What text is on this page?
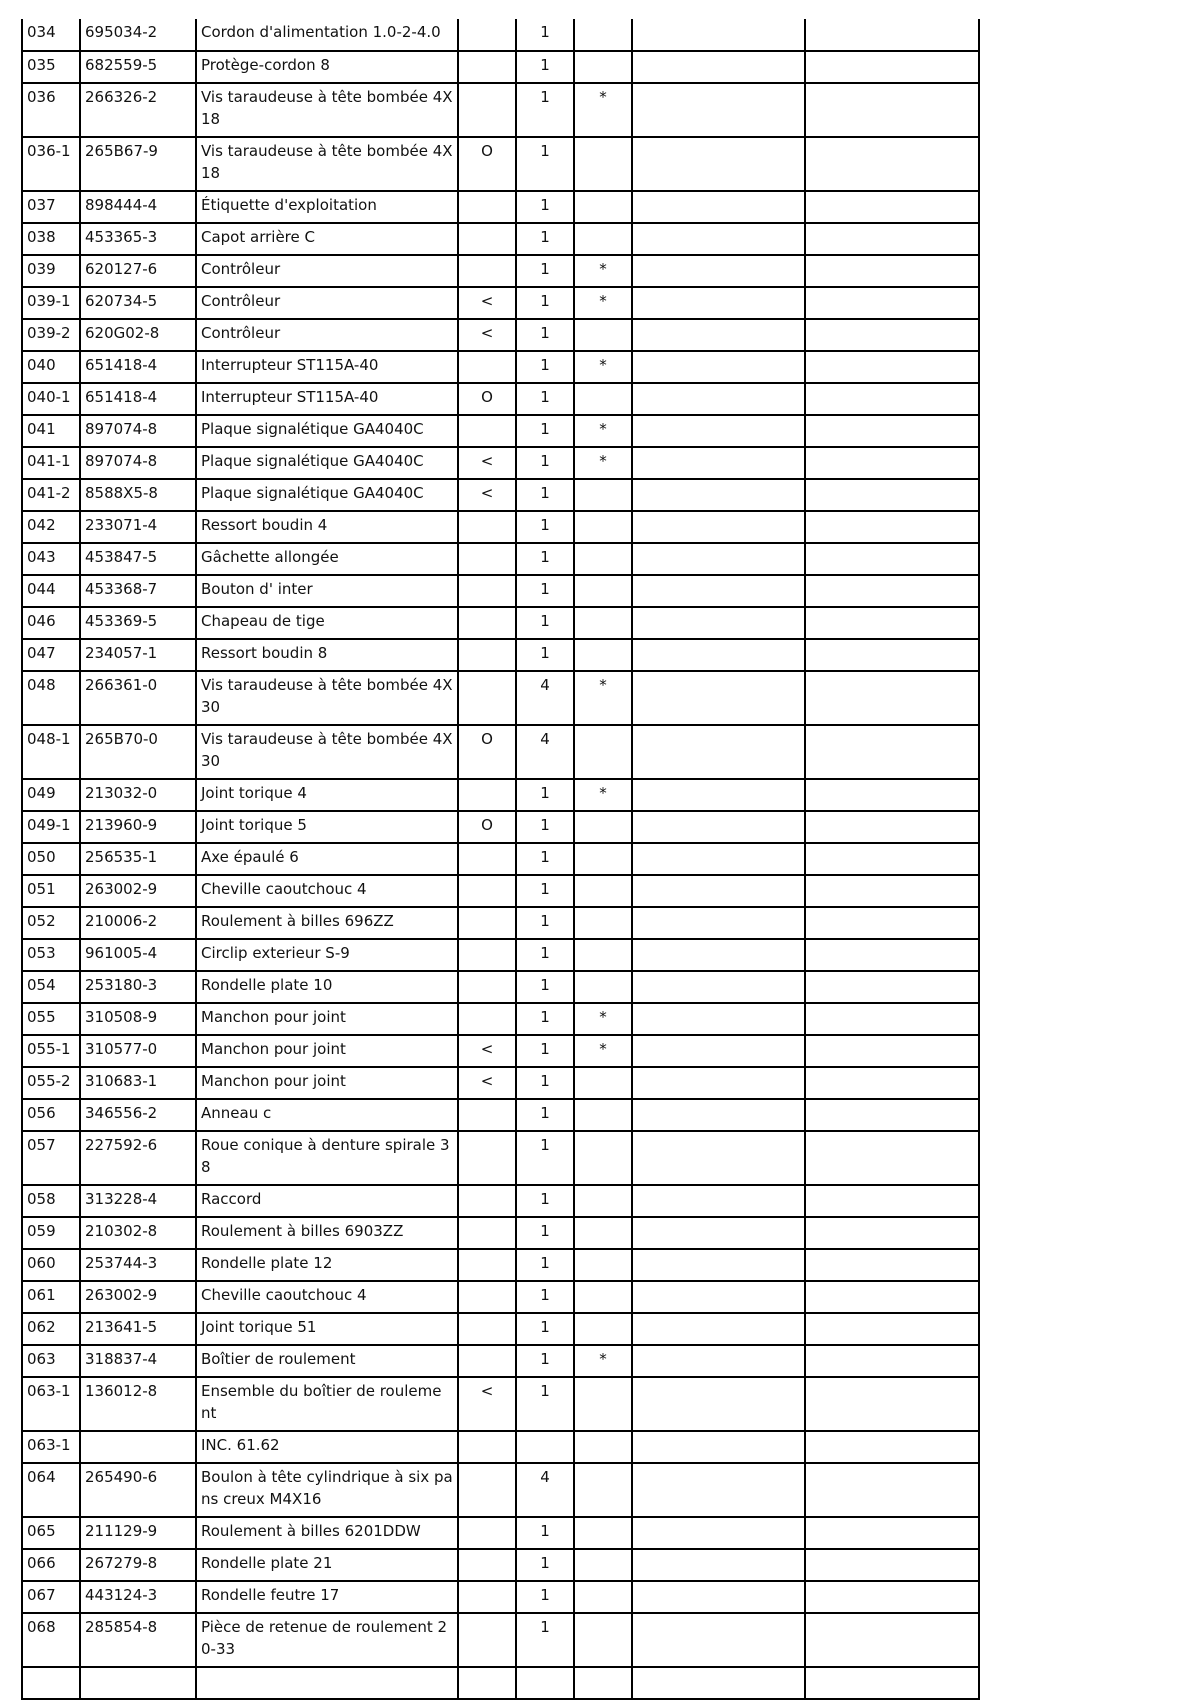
034	695034-2	Cordon d'alimentation 1.0-2-4.0		1			
035	682559-5	Protège-cordon 8		1			
036	266326-2	Vis taraudeuse à tête bombée 4X 18		1	*		
036-1	265B67-9	Vis taraudeuse à tête bombée 4X 18	O	1			
037	898444-4	Étiquette d'exploitation		1			
038	453365-3	Capot arrière C		1			
039	620127-6	Contrôleur		1	*		
039-1	620734-5	Contrôleur	<	1	*		
039-2	620G02-8	Contrôleur	<	1			
040	651418-4	Interrupteur ST115A-40		1	*		
040-1	651418-4	Interrupteur ST115A-40	O	1			
041	897074-8	Plaque signalétique GA4040C		1	*		
041-1	897074-8	Plaque signalétique GA4040C	<	1	*		
041-2	8588X5-8	Plaque signalétique GA4040C	<	1			
042	233071-4	Ressort boudin 4		1			
043	453847-5	Gâchette allongée		1			
044	453368-7	Bouton d' inter		1			
046	453369-5	Chapeau de tige		1			
047	234057-1	Ressort boudin 8		1			
048	266361-0	Vis taraudeuse à tête bombée 4X 30		4	*		
048-1	265B70-0	Vis taraudeuse à tête bombée 4X 30	O	4			
049	213032-0	Joint torique 4		1	*		
049-1	213960-9	Joint torique 5	O	1			
050	256535-1	Axe épaulé 6		1			
051	263002-9	Cheville caoutchouc 4		1			
052	210006-2	Roulement à billes 696ZZ		1			
053	961005-4	Circlip exterieur S-9		1			
054	253180-3	Rondelle plate 10		1			
055	310508-9	Manchon pour joint		1	*		
055-1	310577-0	Manchon pour joint	<	1	*		
055-2	310683-1	Manchon pour joint	<	1			
056	346556-2	Anneau c		1			
057	227592-6	Roue conique à denture spirale 3 8		1			
058	313228-4	Raccord		1			
059	210302-8	Roulement à billes 6903ZZ		1			
060	253744-3	Rondelle plate 12		1			
061	263002-9	Cheville caoutchouc 4		1			
062	213641-5	Joint torique 51		1			
063	318837-4	Boîtier de roulement		1	*		
063-1	136012-8	Ensemble du boîtier de rouleme nt	<	1			
063-1		INC. 61.62					
064	265490-6	Boulon à tête cylindrique à six pa ns creux M4X16		4			
065	211129-9	Roulement à billes 6201DDW		1			
066	267279-8	Rondelle plate 21		1			
067	443124-3	Rondelle feutre 17		1			
068	285854-8	Pièce de retenue de roulement 2 0-33		1			
